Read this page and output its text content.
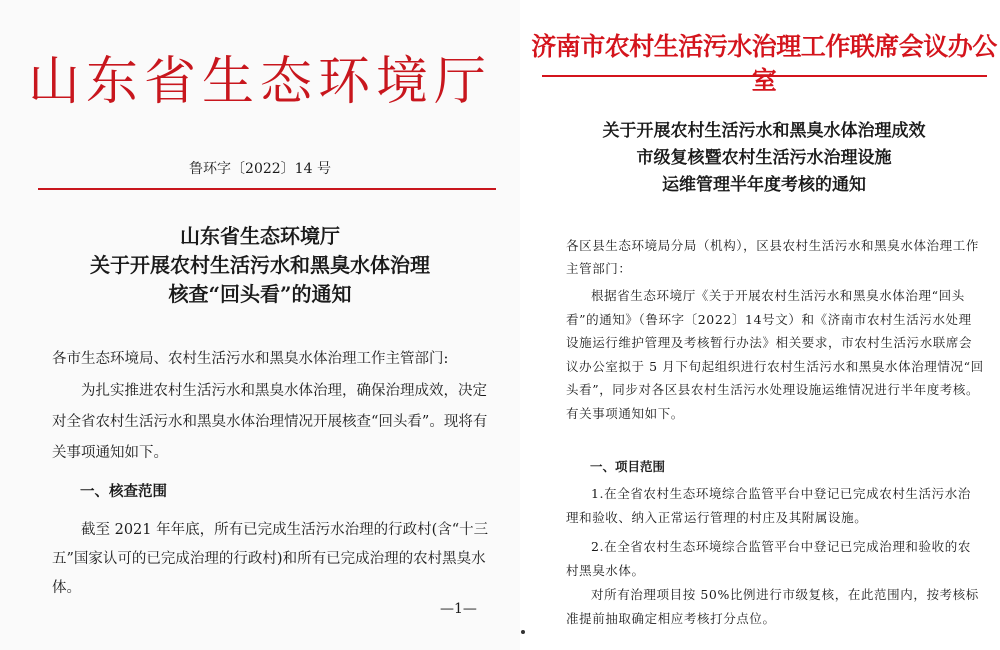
山东省生态环境厅
鲁环字〔2022〕14 号
山东省生态环境厅
关于开展农村生活污水和黑臭水体治理
核查“回头看”的通知

各市生态环境局、农村生活污水和黑臭水体治理工作主管部门:

为扎实推进农村生活污水和黑臭水体治理，确保治理成效，决定对全省农村生活污水和黑臭水体治理情况开展核查“回头看”。现将有关事项通知如下。

一、核查范围

截至 2021 年年底，所有已完成生活污水治理的行政村(含“十三五”国家认可的已完成治理的行政村)和所有已完成治理的农村黑臭水体。

—1—
济南市农村生活污水治理工作联席会议办公室
关于开展农村生活污水和黑臭水体治理成效
市级复核暨农村生活污水治理设施
运维管理半年度考核的通知

各区县生态环境局分局（机构），区县农村生活污水和黑臭水体治理工作主管部门：

根据省生态环境厅《关于开展农村生活污水和黑臭水体治理“回头看”的通知》（鲁环字〔2022〕14号文）和《济南市农村生活污水处理设施运行维护管理及考核暂行办法》相关要求，市农村生活污水联席会议办公室拟于 5 月下旬起组织进行农村生活污水和黑臭水体治理情况“回头看”，同步对各区县农村生活污水处理设施运维情况进行半年度考核。有关事项通知如下。

一、项目范围

1.在全省农村生态环境综合监管平台中登记已完成农村生活污水治理和验收、纳入正常运行管理的村庄及其附属设施。

2.在全省农村生态环境综合监管平台中登记已完成治理和验收的农村黑臭水体。

对所有治理项目按 50%比例进行市级复核，在此范围内，按考核标准提前抽取确定相应考核打分点位。
